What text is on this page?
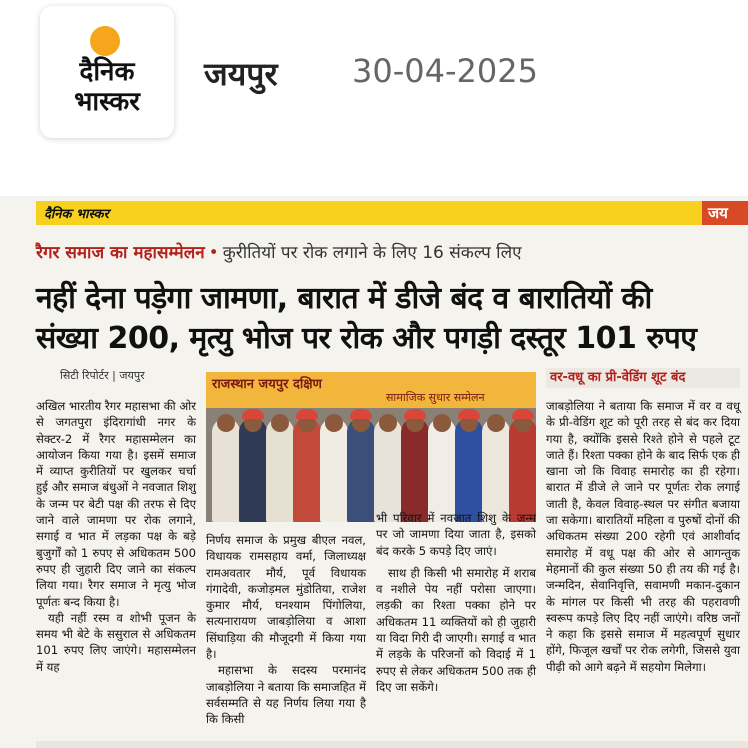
दैनिक
भास्कर
जयपुर 30-04-2025
दैनिक भास्कर	जय
रैगर समाज का महासम्मेलन • कुरीतियों पर रोक लगाने के लिए 16 संकल्प लिए
नहीं देना पड़ेगा जामणा, बारात में डीजे बंद व बारातियों की
संख्या 200, मृत्यु भोज पर रोक और पगड़ी दस्तूर 101 रुपए
सिटी रिपोर्टर | जयपुर
राजस्थान जयपुर दक्षिण
सामाजिक सुधार सम्मेलन
वर-वधू का प्री-वेडिंग शूट बंद

अखिल भारतीय रैगर महासभा की ओर से जगतपुरा इंदिरागांधी नगर के सेक्टर-2 में रैगर महासम्मेलन का आयोजन किया गया है। इसमें समाज में व्याप्त कुरीतियों पर खुलकर चर्चा हुई और समाज बंधुओं ने नवजात शिशु के जन्म पर बेटी पक्ष की तरफ से दिए जाने वाले जामणा पर रोक लगाने, सगाई व भात में लड़का पक्ष के बड़े बुजुर्गों को 1 रुपए से अधिकतम 500 रुपए ही जुहारी दिए जाने का संकल्प लिया गया। रैगर समाज ने मृत्यु भोज पूर्णतः बन्द किया है।

यही नहीं रस्म व शोभी पूजन के समय भी बेटे के ससुराल से अधिकतम 101 रुपए लिए जाएंगे। महासम्मेलन में यह

निर्णय समाज के प्रमुख बीएल नवल, विधायक रामसहाय वर्मा, जिलाध्यक्ष रामअवतार मौर्य, पूर्व विधायक गंगादेवी, कजोड़मल मुंडोतिया, राजेश कुमार मौर्य, घनश्याम पिंगोलिया, सत्यनारायण जाबड़ोलिया व आशा सिंघाड़िया की मौजूदगी में किया गया है।

महासभा के सदस्य परमानंद जाबड़ोलिया ने बताया कि समाजहित में सर्वसम्मति से यह निर्णय लिया गया है कि किसी

भी परिवार में नवजात शिशु के जन्म पर जो जामणा दिया जाता है, इसको बंद करके 5 कपड़े दिए जाएं।

साथ ही किसी भी समारोह में शराब व नशीले पेय नहीं परोसा जाएगा। लड़की का रिश्ता पक्का होने पर अधिकतम 11 व्यक्तियों को ही जुहारी या विदा गिरी दी जाएगी। सगाई व भात में लड़के के परिजनों को विदाई में 1 रुपए से लेकर अधिकतम 500 तक ही दिए जा सकेंगे।

जाबड़ोलिया ने बताया कि समाज में वर व वधू के प्री-वेडिंग शूट को पूरी तरह से बंद कर दिया गया है, क्योंकि इससे रिश्ते होने से पहले टूट जाते हैं। रिश्ता पक्का होने के बाद सिर्फ एक ही खाना जो कि विवाह समारोह का ही रहेगा। बारात में डीजे ले जाने पर पूर्णतः रोक लगाई जाती है, केवल विवाह-स्थल पर संगीत बजाया जा सकेगा। बारातियों महिला व पुरुषों दोनों की अधिकतम संख्या 200 रहेगी एवं आशीर्वाद समारोह में वधू पक्ष की ओर से आगन्तुक मेहमानों की कुल संख्या 50 ही तय की गई है। जन्मदिन, सेवानिवृत्ति, सवामणी मकान-दुकान के मांगल पर किसी भी तरह की पहरावणी स्वरूप कपड़े लिए दिए नहीं जाएंगे। वरिष्ठ जनों ने कहा कि इससे समाज में महत्वपूर्ण सुधार होंगे, फिजूल खर्चों पर रोक लगेगी, जिससे युवा पीढ़ी को आगे बढ़ने में सहयोग मिलेगा।
